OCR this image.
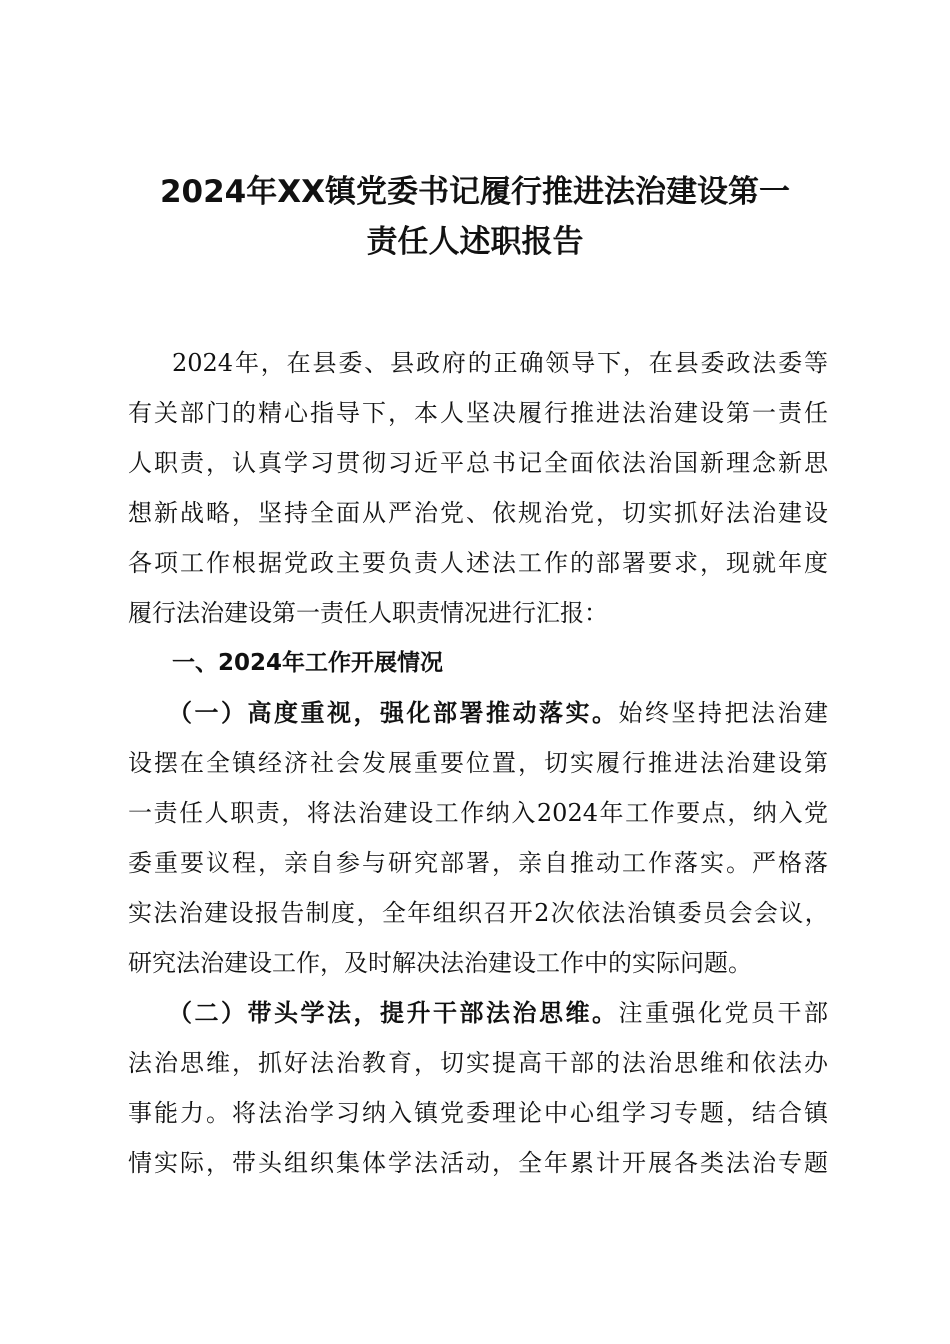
2024年XX镇党委书记履行推进法治建设第一
责任人述职报告
2024年，在县委、县政府的正确领导下，在县委政法委等
有关部门的精心指导下，本人坚决履行推进法治建设第一责任
人职责，认真学习贯彻习近平总书记全面依法治国新理念新思
想新战略，坚持全面从严治党、依规治党，切实抓好法治建设
各项工作根据党政主要负责人述法工作的部署要求，现就年度
履行法治建设第一责任人职责情况进行汇报：
一、2024年工作开展情况
（一）高度重视，强化部署推动落实。始终坚持把法治建
设摆在全镇经济社会发展重要位置，切实履行推进法治建设第
一责任人职责，将法治建设工作纳入2024年工作要点，纳入党
委重要议程，亲自参与研究部署，亲自推动工作落实。严格落
实法治建设报告制度，全年组织召开2次依法治镇委员会会议，
研究法治建设工作，及时解决法治建设工作中的实际问题。
（二）带头学法，提升干部法治思维。注重强化党员干部
法治思维，抓好法治教育，切实提高干部的法治思维和依法办
事能力。将法治学习纳入镇党委理论中心组学习专题，结合镇
情实际，带头组织集体学法活动，全年累计开展各类法治专题
